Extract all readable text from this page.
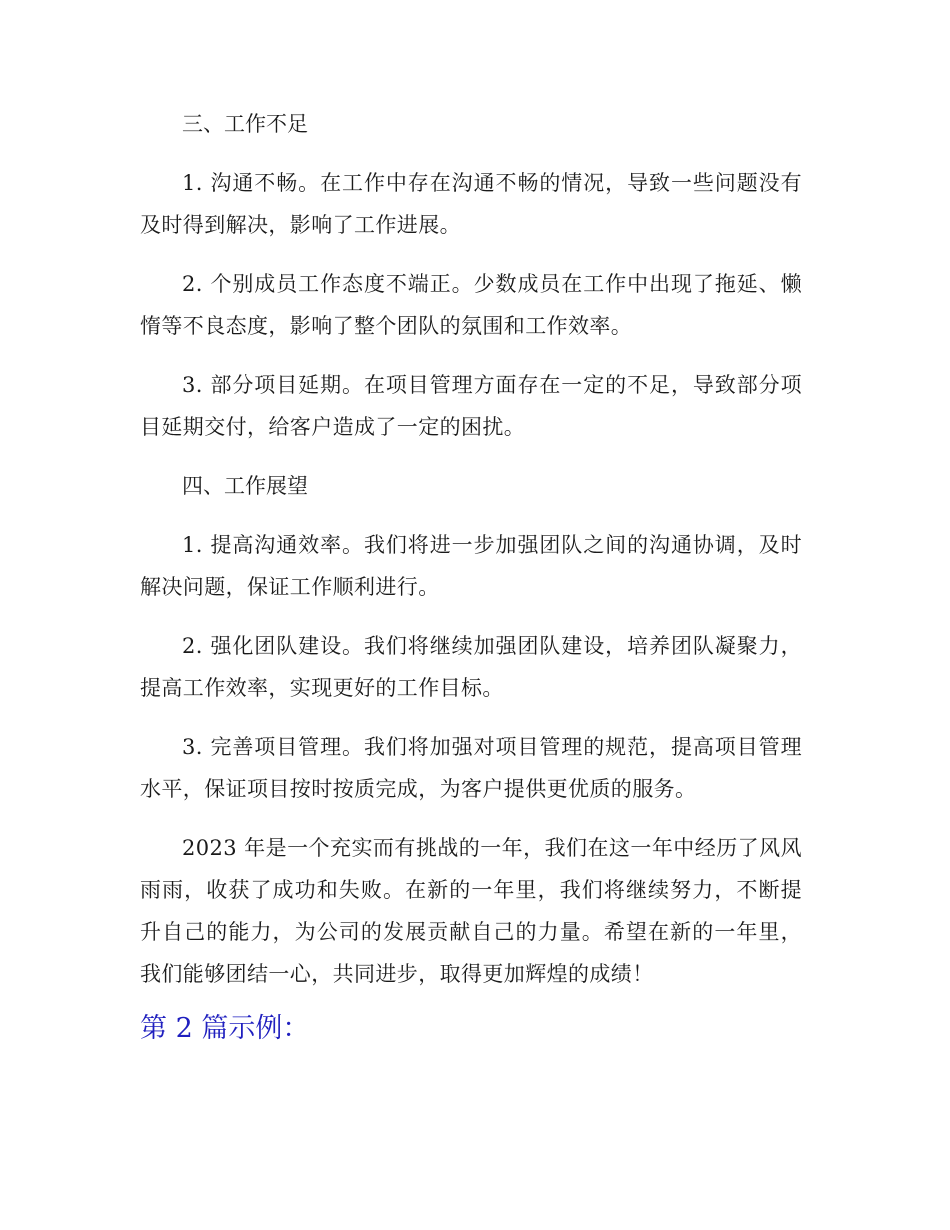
三、工作不足

1. 沟通不畅。在工作中存在沟通不畅的情况，导致一些问题没有及时得到解决，影响了工作进展。

2. 个别成员工作态度不端正。少数成员在工作中出现了拖延、懒惰等不良态度，影响了整个团队的氛围和工作效率。

3. 部分项目延期。在项目管理方面存在一定的不足，导致部分项目延期交付，给客户造成了一定的困扰。

四、工作展望

1. 提高沟通效率。我们将进一步加强团队之间的沟通协调，及时解决问题，保证工作顺利进行。

2. 强化团队建设。我们将继续加强团队建设，培养团队凝聚力，提高工作效率，实现更好的工作目标。

3. 完善项目管理。我们将加强对项目管理的规范，提高项目管理水平，保证项目按时按质完成，为客户提供更优质的服务。

2023 年是一个充实而有挑战的一年，我们在这一年中经历了风风雨雨，收获了成功和失败。在新的一年里，我们将继续努力，不断提升自己的能力，为公司的发展贡献自己的力量。希望在新的一年里，我们能够团结一心，共同进步，取得更加辉煌的成绩！

第 2 篇示例：
